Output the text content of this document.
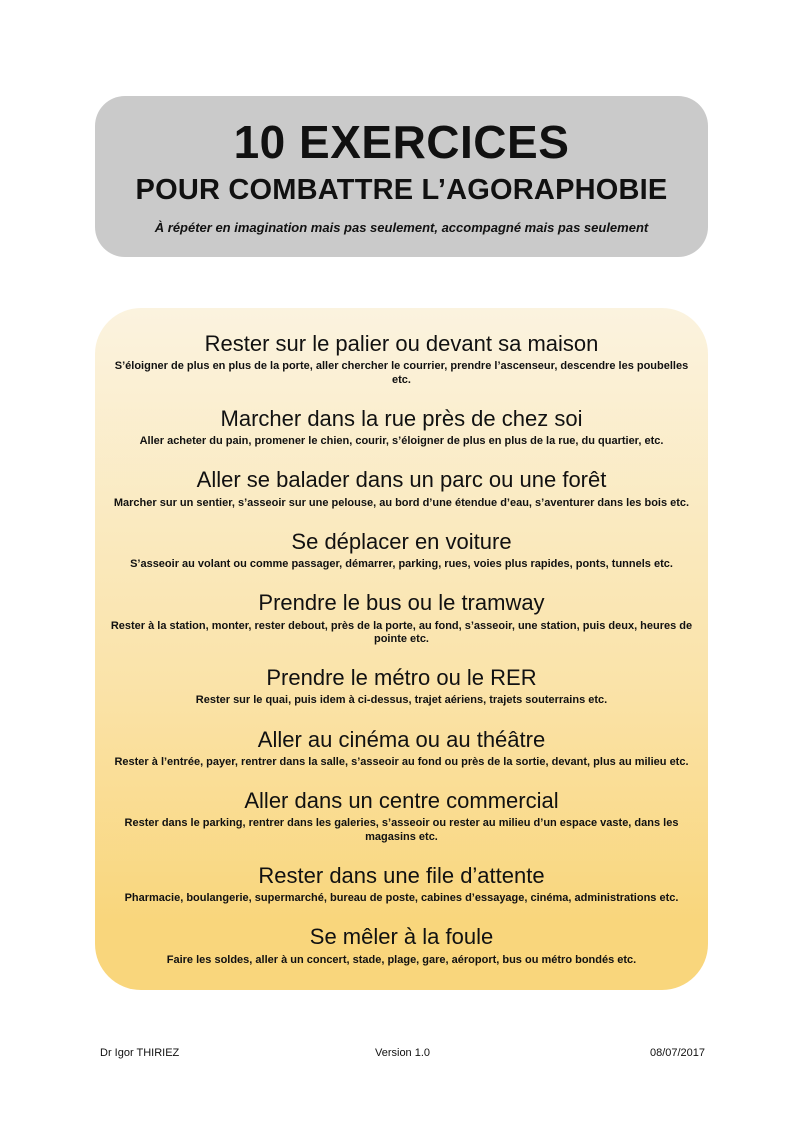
10 EXERCICES
POUR COMBATTRE L’AGORAPHOBIE
À répéter en imagination mais pas seulement, accompagné mais pas seulement
Rester sur le palier ou devant sa maison
S’éloigner de plus en plus de la porte, aller chercher le courrier, prendre l’ascenseur, descendre les poubelles etc.
Marcher dans la rue près de chez soi
Aller acheter du pain, promener le chien, courir, s’éloigner de plus en plus de la rue, du quartier, etc.
Aller se balader dans un parc ou une forêt
Marcher sur un sentier, s’asseoir sur une pelouse, au bord d’une étendue d’eau, s’aventurer dans les bois etc.
Se déplacer en voiture
S’asseoir au volant ou comme passager, démarrer, parking, rues, voies plus rapides, ponts, tunnels etc.
Prendre le bus ou le tramway
Rester à la station, monter, rester debout, près de la porte, au fond, s’asseoir, une station, puis deux, heures de pointe etc.
Prendre le métro ou le RER
Rester sur le quai, puis idem à ci-dessus, trajet aériens, trajets souterrains etc.
Aller au cinéma ou au théâtre
Rester à l’entrée, payer, rentrer dans la salle, s’asseoir au fond ou près de la sortie, devant, plus au milieu etc.
Aller dans un centre commercial
Rester dans le parking, rentrer dans les galeries, s’asseoir ou rester au milieu d’un espace vaste, dans les magasins etc.
Rester dans une file d’attente
Pharmacie, boulangerie, supermarché, bureau de poste, cabines d’essayage, cinéma, administrations etc.
Se mêler à la foule
Faire les soldes, aller à un concert, stade, plage, gare, aéroport, bus ou métro bondés etc.
Dr Igor THIRIEZ	Version 1.0	08/07/2017
